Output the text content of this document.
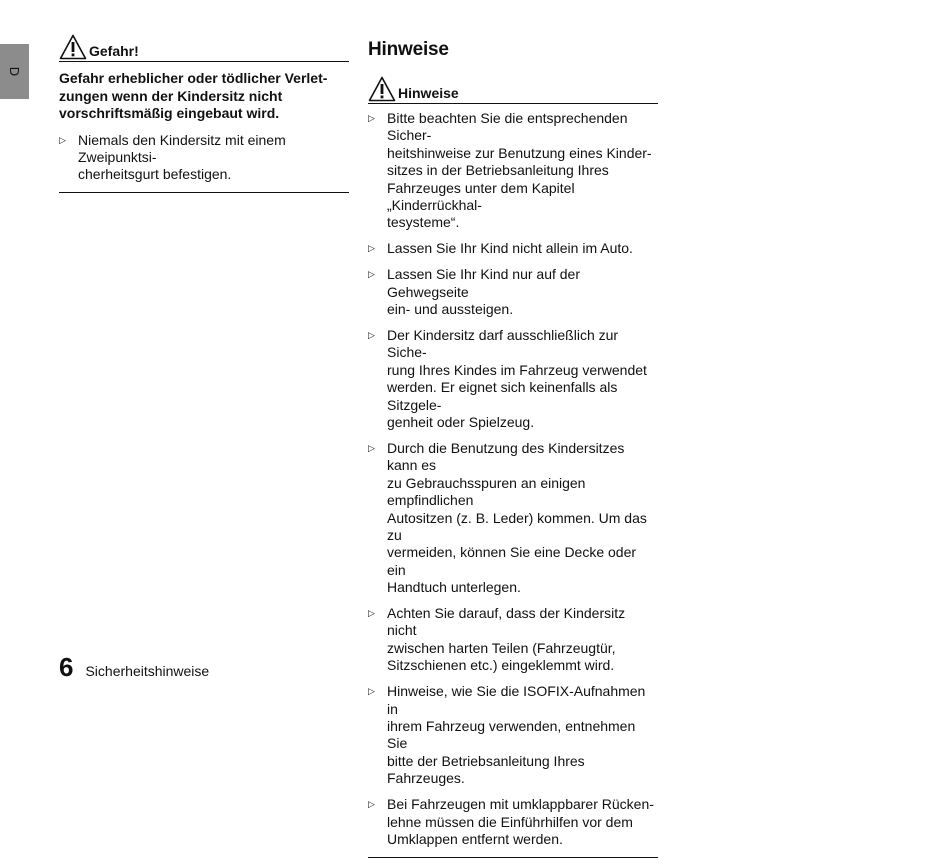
D
Gefahr!
Gefahr erheblicher oder tödlicher Verlet-
zungen wenn der Kindersitz nicht
vorschriftsmäßig eingebaut wird.
▷ Niemals den Kindersitz mit einem Zweipunktsi-
cherheitsgurt befestigen.
Hinweise
Hinweise
▷ Bitte beachten Sie die entsprechenden Sicher-
heitshinweise zur Benutzung eines Kinder-
sitzes in der Betriebsanleitung Ihres
Fahrzeuges unter dem Kapitel „Kinderrückhal-
tesysteme“.
▷ Lassen Sie Ihr Kind nicht allein im Auto.
▷ Lassen Sie Ihr Kind nur auf der Gehwegseite
ein- und aussteigen.
▷ Der Kindersitz darf ausschließlich zur Siche-
rung Ihres Kindes im Fahrzeug verwendet
werden. Er eignet sich keinenfalls als Sitzgele-
genheit oder Spielzeug.
▷ Durch die Benutzung des Kindersitzes kann es
zu Gebrauchsspuren an einigen empfindlichen
Autositzen (z. B. Leder) kommen. Um das zu
vermeiden, können Sie eine Decke oder ein
Handtuch unterlegen.
▷ Achten Sie darauf, dass der Kindersitz nicht
zwischen harten Teilen (Fahrzeugtür,
Sitzschienen etc.) eingeklemmt wird.
▷ Hinweise, wie Sie die ISOFIX-Aufnahmen in
ihrem Fahrzeug verwenden, entnehmen Sie
bitte der Betriebsanleitung Ihres Fahrzeuges.
▷ Bei Fahrzeugen mit umklappbarer Rücken-
lehne müssen die Einführhilfen vor dem
Umklappen entfernt werden.
6 Sicherheitshinweise
